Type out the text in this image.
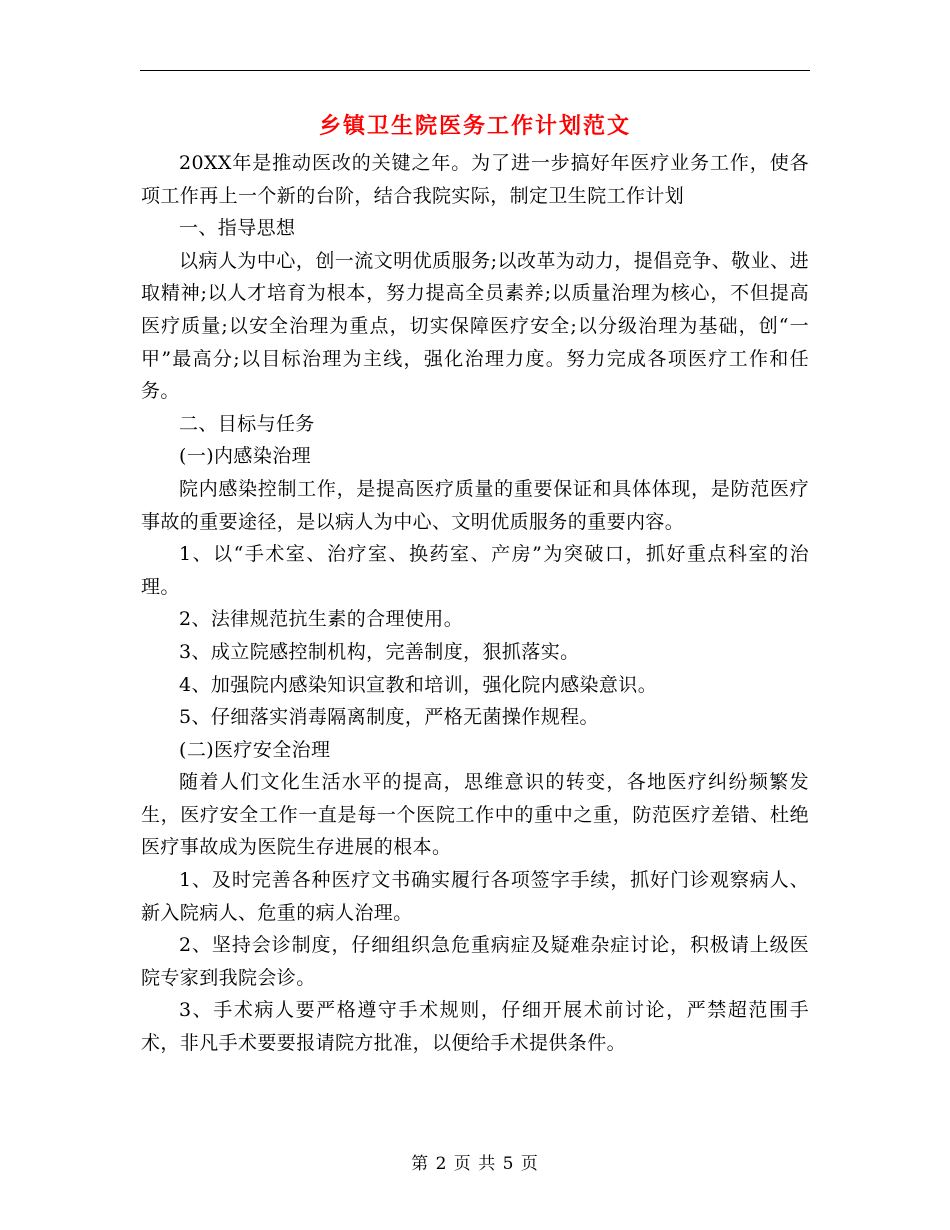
乡镇卫生院医务工作计划范文

20XX年是推动医改的关键之年。为了进一步搞好年医疗业务工作，使各项工作再上一个新的台阶，结合我院实际，制定卫生院工作计划

一、指导思想

以病人为中心，创一流文明优质服务;以改革为动力，提倡竞争、敬业、进取精神;以人才培育为根本，努力提高全员素养;以质量治理为核心，不但提高医疗质量;以安全治理为重点，切实保障医疗安全;以分级治理为基础，创“一甲”最高分;以目标治理为主线，强化治理力度。努力完成各项医疗工作和任务。

二、目标与任务

(一)内感染治理

院内感染控制工作，是提高医疗质量的重要保证和具体体现，是防范医疗事故的重要途径，是以病人为中心、文明优质服务的重要内容。

1、以“手术室、治疗室、换药室、产房”为突破口，抓好重点科室的治理。

2、法律规范抗生素的合理使用。

3、成立院感控制机构，完善制度，狠抓落实。

4、加强院内感染知识宣教和培训，强化院内感染意识。

5、仔细落实消毒隔离制度，严格无菌操作规程。

(二)医疗安全治理

随着人们文化生活水平的提高，思维意识的转变，各地医疗纠纷频繁发生，医疗安全工作一直是每一个医院工作中的重中之重，防范医疗差错、杜绝医疗事故成为医院生存进展的根本。

1、及时完善各种医疗文书确实履行各项签字手续，抓好门诊观察病人、新入院病人、危重的病人治理。

2、坚持会诊制度，仔细组织急危重病症及疑难杂症讨论，积极请上级医院专家到我院会诊。

3、手术病人要严格遵守手术规则，仔细开展术前讨论，严禁超范围手术，非凡手术要要报请院方批准，以便给手术提供条件。

第 2 页 共 5 页
